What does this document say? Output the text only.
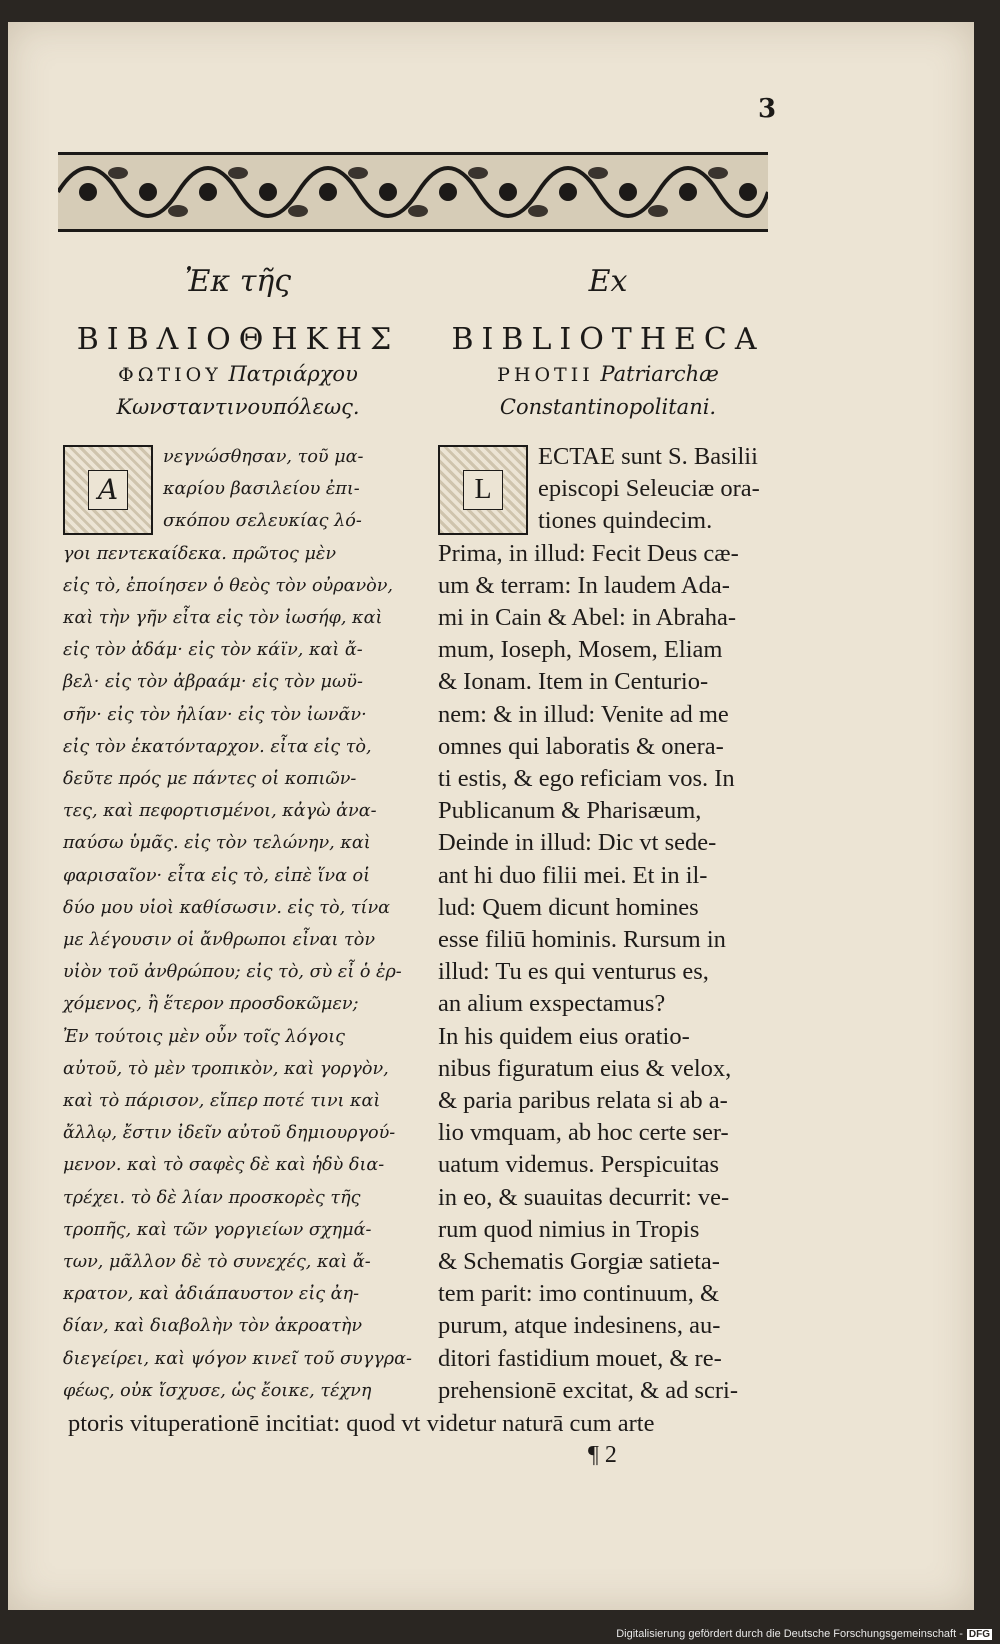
3
Ἐκ τῆς
ΒΙΒΛΙΟΘΗΚΗΣ
ΦΩΤΙΟΥ Πατριάρχου
Κωνσταντινουπόλεως.
A
νεγνώσθησαν, τοῦ μα-
καρίου βασιλείου ἐπι-
σκόπου σελευκίας λό-
γοι πεντεκαίδεκα. πρῶτος μὲν
εἰς τὸ, ἐποίησεν ὁ θεὸς τὸν οὐρανὸν,
καὶ τὴν γῆν εἶτα εἰς τὸν ἰωσήφ, καὶ
εἰς τὸν ἀδάμ· εἰς τὸν κάϊν, καὶ ἄ-
βελ· εἰς τὸν ἀβραάμ· εἰς τὸν μωϋ-
σῆν· εἰς τὸν ἠλίαν· εἰς τὸν ἰωνᾶν·
εἰς τὸν ἑκατόνταρχον. εἶτα εἰς τὸ,
δεῦτε πρός με πάντες οἱ κοπιῶν-
τες, καὶ πεφορτισμένοι, κἀγὼ ἀνα-
παύσω ὑμᾶς. εἰς τὸν τελώνην, καὶ
φαρισαῖον· εἶτα εἰς τὸ, εἰπὲ ἵνα οἱ
δύο μου υἱοὶ καθίσωσιν. εἰς τὸ, τίνα
με λέγουσιν οἱ ἄνθρωποι εἶναι τὸν
υἱὸν τοῦ ἀνθρώπου; εἰς τὸ, σὺ εἶ ὁ ἐρ-
χόμενος, ἢ ἕτερον προσδοκῶμεν;
Ἐν τούτοις μὲν οὖν τοῖς λόγοις
αὐτοῦ, τὸ μὲν τροπικὸν, καὶ γοργὸν,
καὶ τὸ πάρισον, εἴπερ ποτέ τινι καὶ
ἄλλῳ, ἔστιν ἰδεῖν αὐτοῦ δημιουργού-
μενον. καὶ τὸ σαφὲς δὲ καὶ ἡδὺ δια-
τρέχει. τὸ δὲ λίαν προσκορὲς τῆς
τροπῆς, καὶ τῶν γοργιείων σχημά-
των, μᾶλλον δὲ τὸ συνεχές, καὶ ἄ-
κρατον, καὶ ἀδιάπαυστον εἰς ἀη-
δίαν, καὶ διαβολὴν τὸν ἀκροατὴν
διεγείρει, καὶ ψόγον κινεῖ τοῦ συγγρα-
φέως, οὐκ ἴσχυσε, ὡς ἔοικε, τέχνη
Ex
BIBLIOTHECA
PHOTII Patriarchæ
Constantinopolitani.
L
ECTAE sunt S. Basilii
episcopi Seleuciæ ora-
tiones quindecim.
Prima, in illud: Fecit Deus cæ-
um & terram: In laudem Ada-
mi in Cain & Abel: in Abraha-
mum, Ioseph, Mosem, Eliam
& Ionam. Item in Centurio-
nem: & in illud: Venite ad me
omnes qui laboratis & onera-
ti estis, & ego reficiam vos. In
Publicanum & Pharisæum,
Deinde in illud: Dic vt sede-
ant hi duo filii mei. Et in il-
lud: Quem dicunt homines
esse filiū hominis. Rursum in
illud: Tu es qui venturus es,
an alium exspectamus?
In his quidem eius oratio-
nibus figuratum eius & velox,
& paria paribus relata si ab a-
lio vmquam, ab hoc certe ser-
uatum videmus. Perspicuitas
in eo, & suauitas decurrit: ve-
rum quod nimius in Tropis
& Schematis Gorgiæ satieta-
tem parit: imo continuum, &
purum, atque indesinens, au-
ditori fastidium mouet, & re-
prehensionē excitat, & ad scri-
ptoris vituperationē incitiat: quod vt videtur naturā cum arte
¶ 2
Digitalisierung gefördert durch die Deutsche Forschungsgemeinschaft - DFG
